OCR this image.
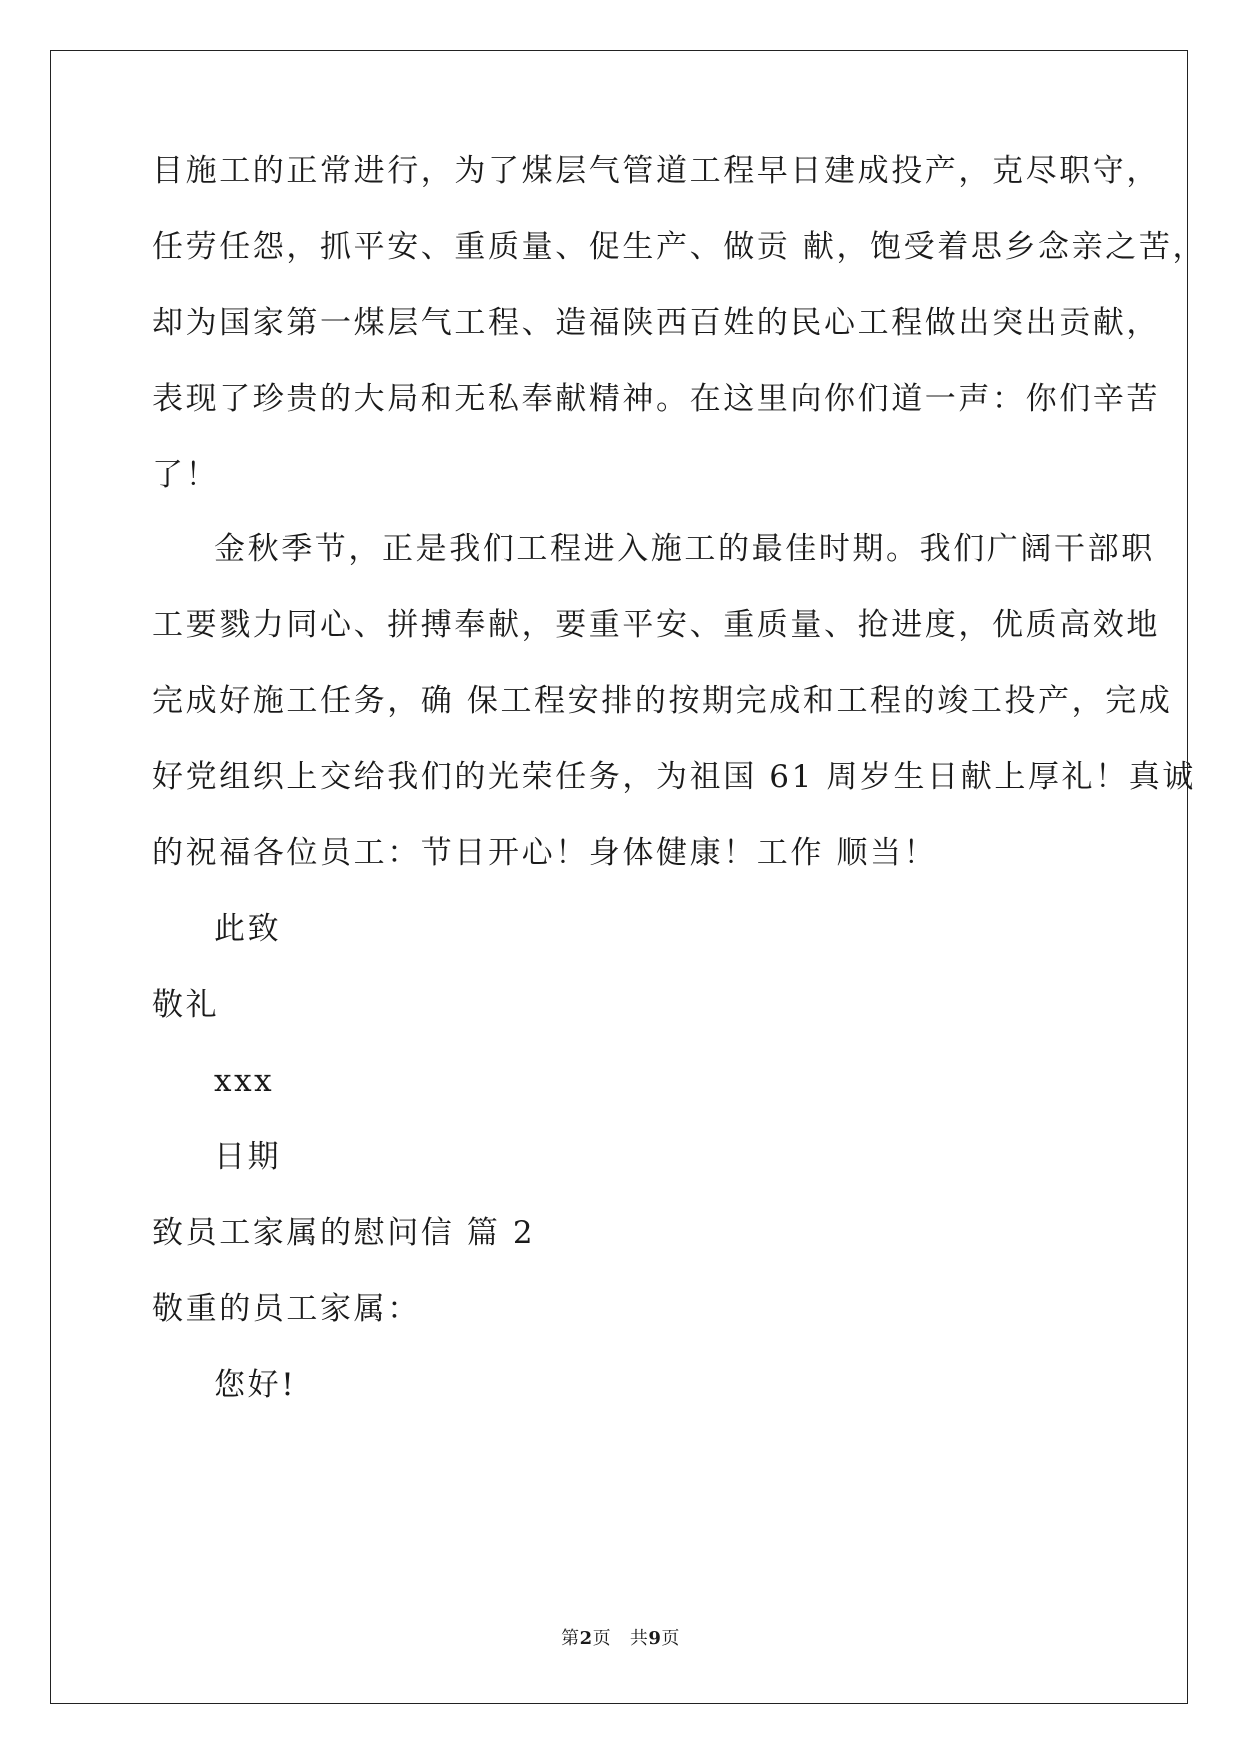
目施工的正常进行，为了煤层气管道工程早日建成投产，克尽职守，
任劳任怨，抓平安、重质量、促生产、做贡 献，饱受着思乡念亲之苦，
却为国家第一煤层气工程、造福陕西百姓的民心工程做出突出贡献，
表现了珍贵的大局和无私奉献精神。在这里向你们道一声：你们辛苦
了！
金秋季节，正是我们工程进入施工的最佳时期。我们广阔干部职
工要戮力同心、拼搏奉献，要重平安、重质量、抢进度，优质高效地
完成好施工任务，确 保工程安排的按期完成和工程的竣工投产，完成
好党组织上交给我们的光荣任务，为祖国 61 周岁生日献上厚礼！真诚
的祝福各位员工：节日开心！身体健康！工作 顺当！
此致
敬礼
xxx
日期
致员工家属的慰问信 篇 2
敬重的员工家属：
您好!
第2页 共9页
